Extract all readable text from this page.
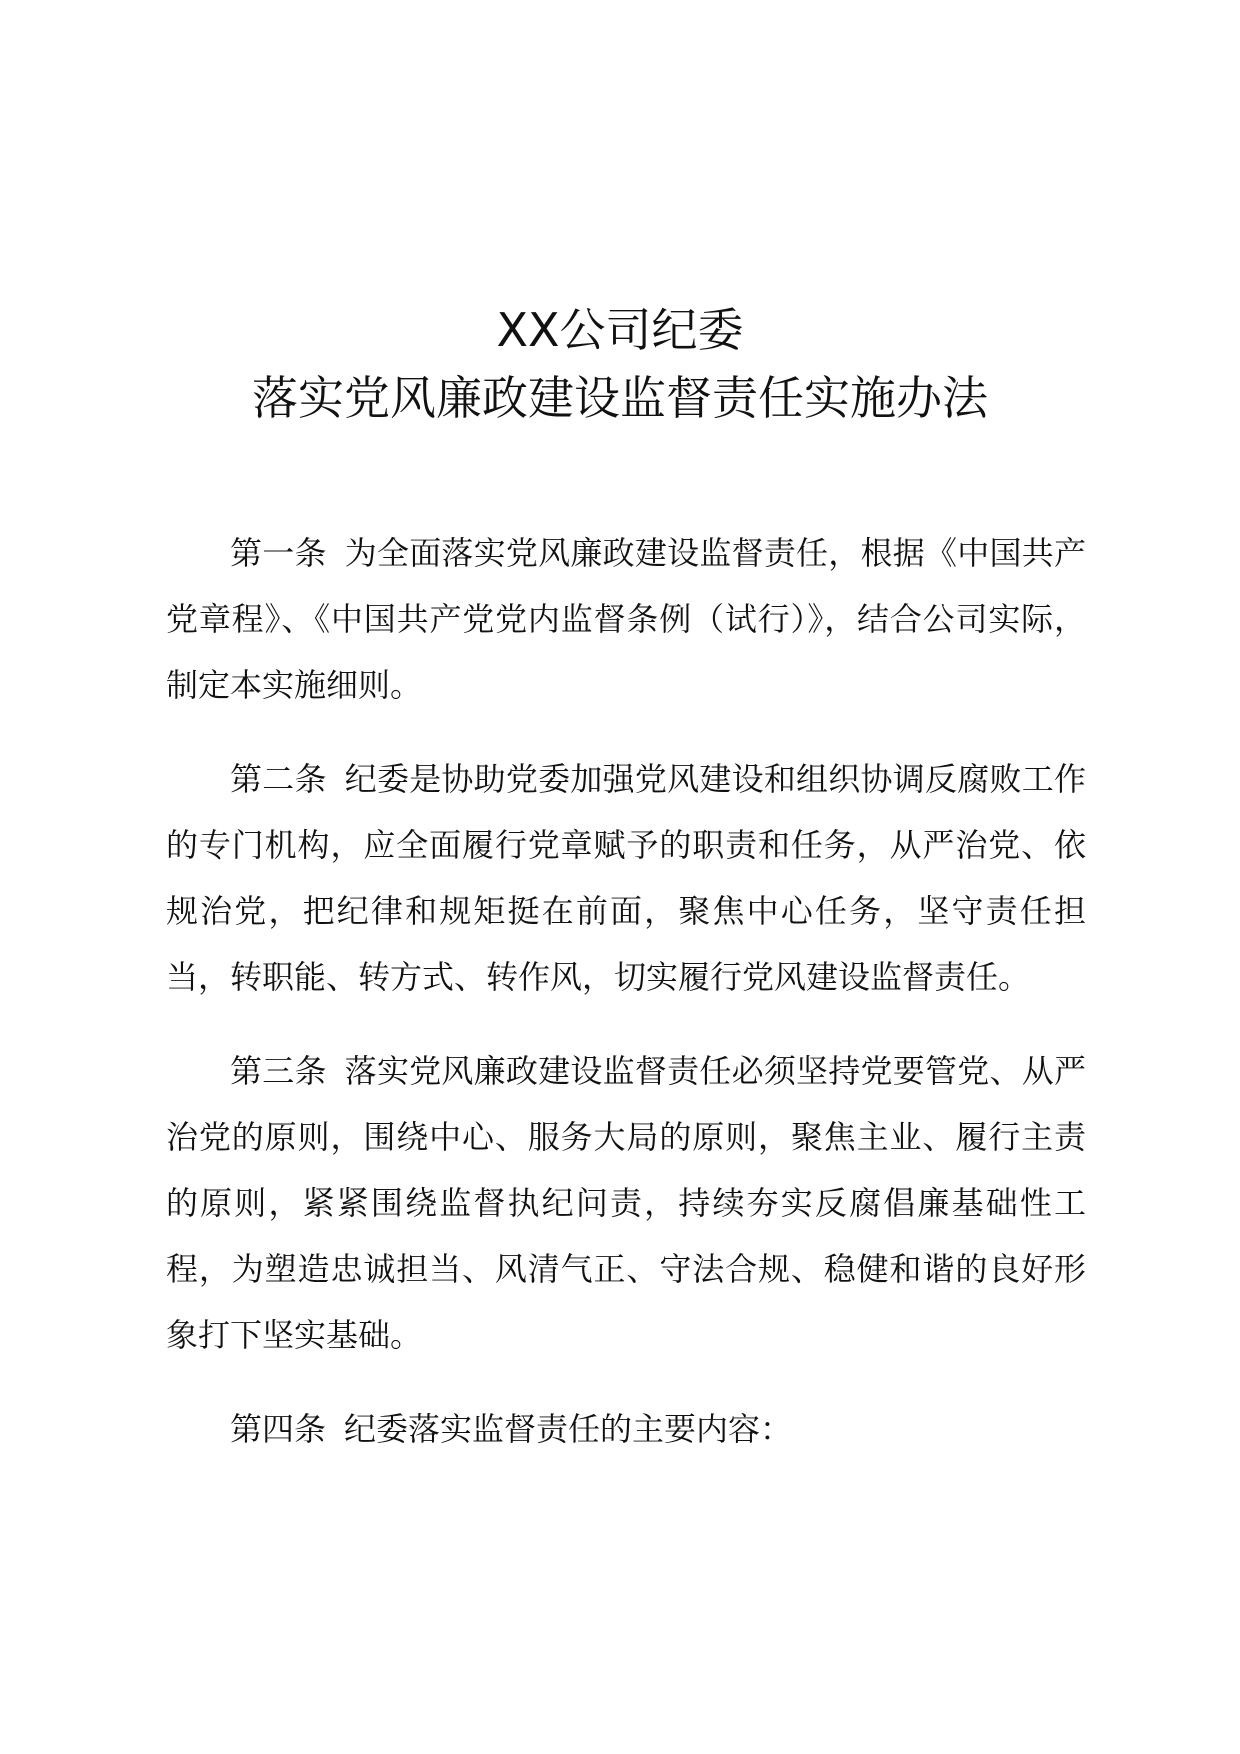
XX公司纪委
落实党风廉政建设监督责任实施办法

第一条 为全面落实党风廉政建设监督责任，根据《中国共产党章程》、《中国共产党党内监督条例（试行）》，结合公司实际，制定本实施细则。

第二条 纪委是协助党委加强党风建设和组织协调反腐败工作的专门机构，应全面履行党章赋予的职责和任务，从严治党、依规治党，把纪律和规矩挺在前面，聚焦中心任务，坚守责任担当，转职能、转方式、转作风，切实履行党风建设监督责任。

第三条 落实党风廉政建设监督责任必须坚持党要管党、从严治党的原则，围绕中心、服务大局的原则，聚焦主业、履行主责的原则，紧紧围绕监督执纪问责，持续夯实反腐倡廉基础性工程，为塑造忠诚担当、风清气正、守法合规、稳健和谐的良好形象打下坚实基础。

第四条 纪委落实监督责任的主要内容：
